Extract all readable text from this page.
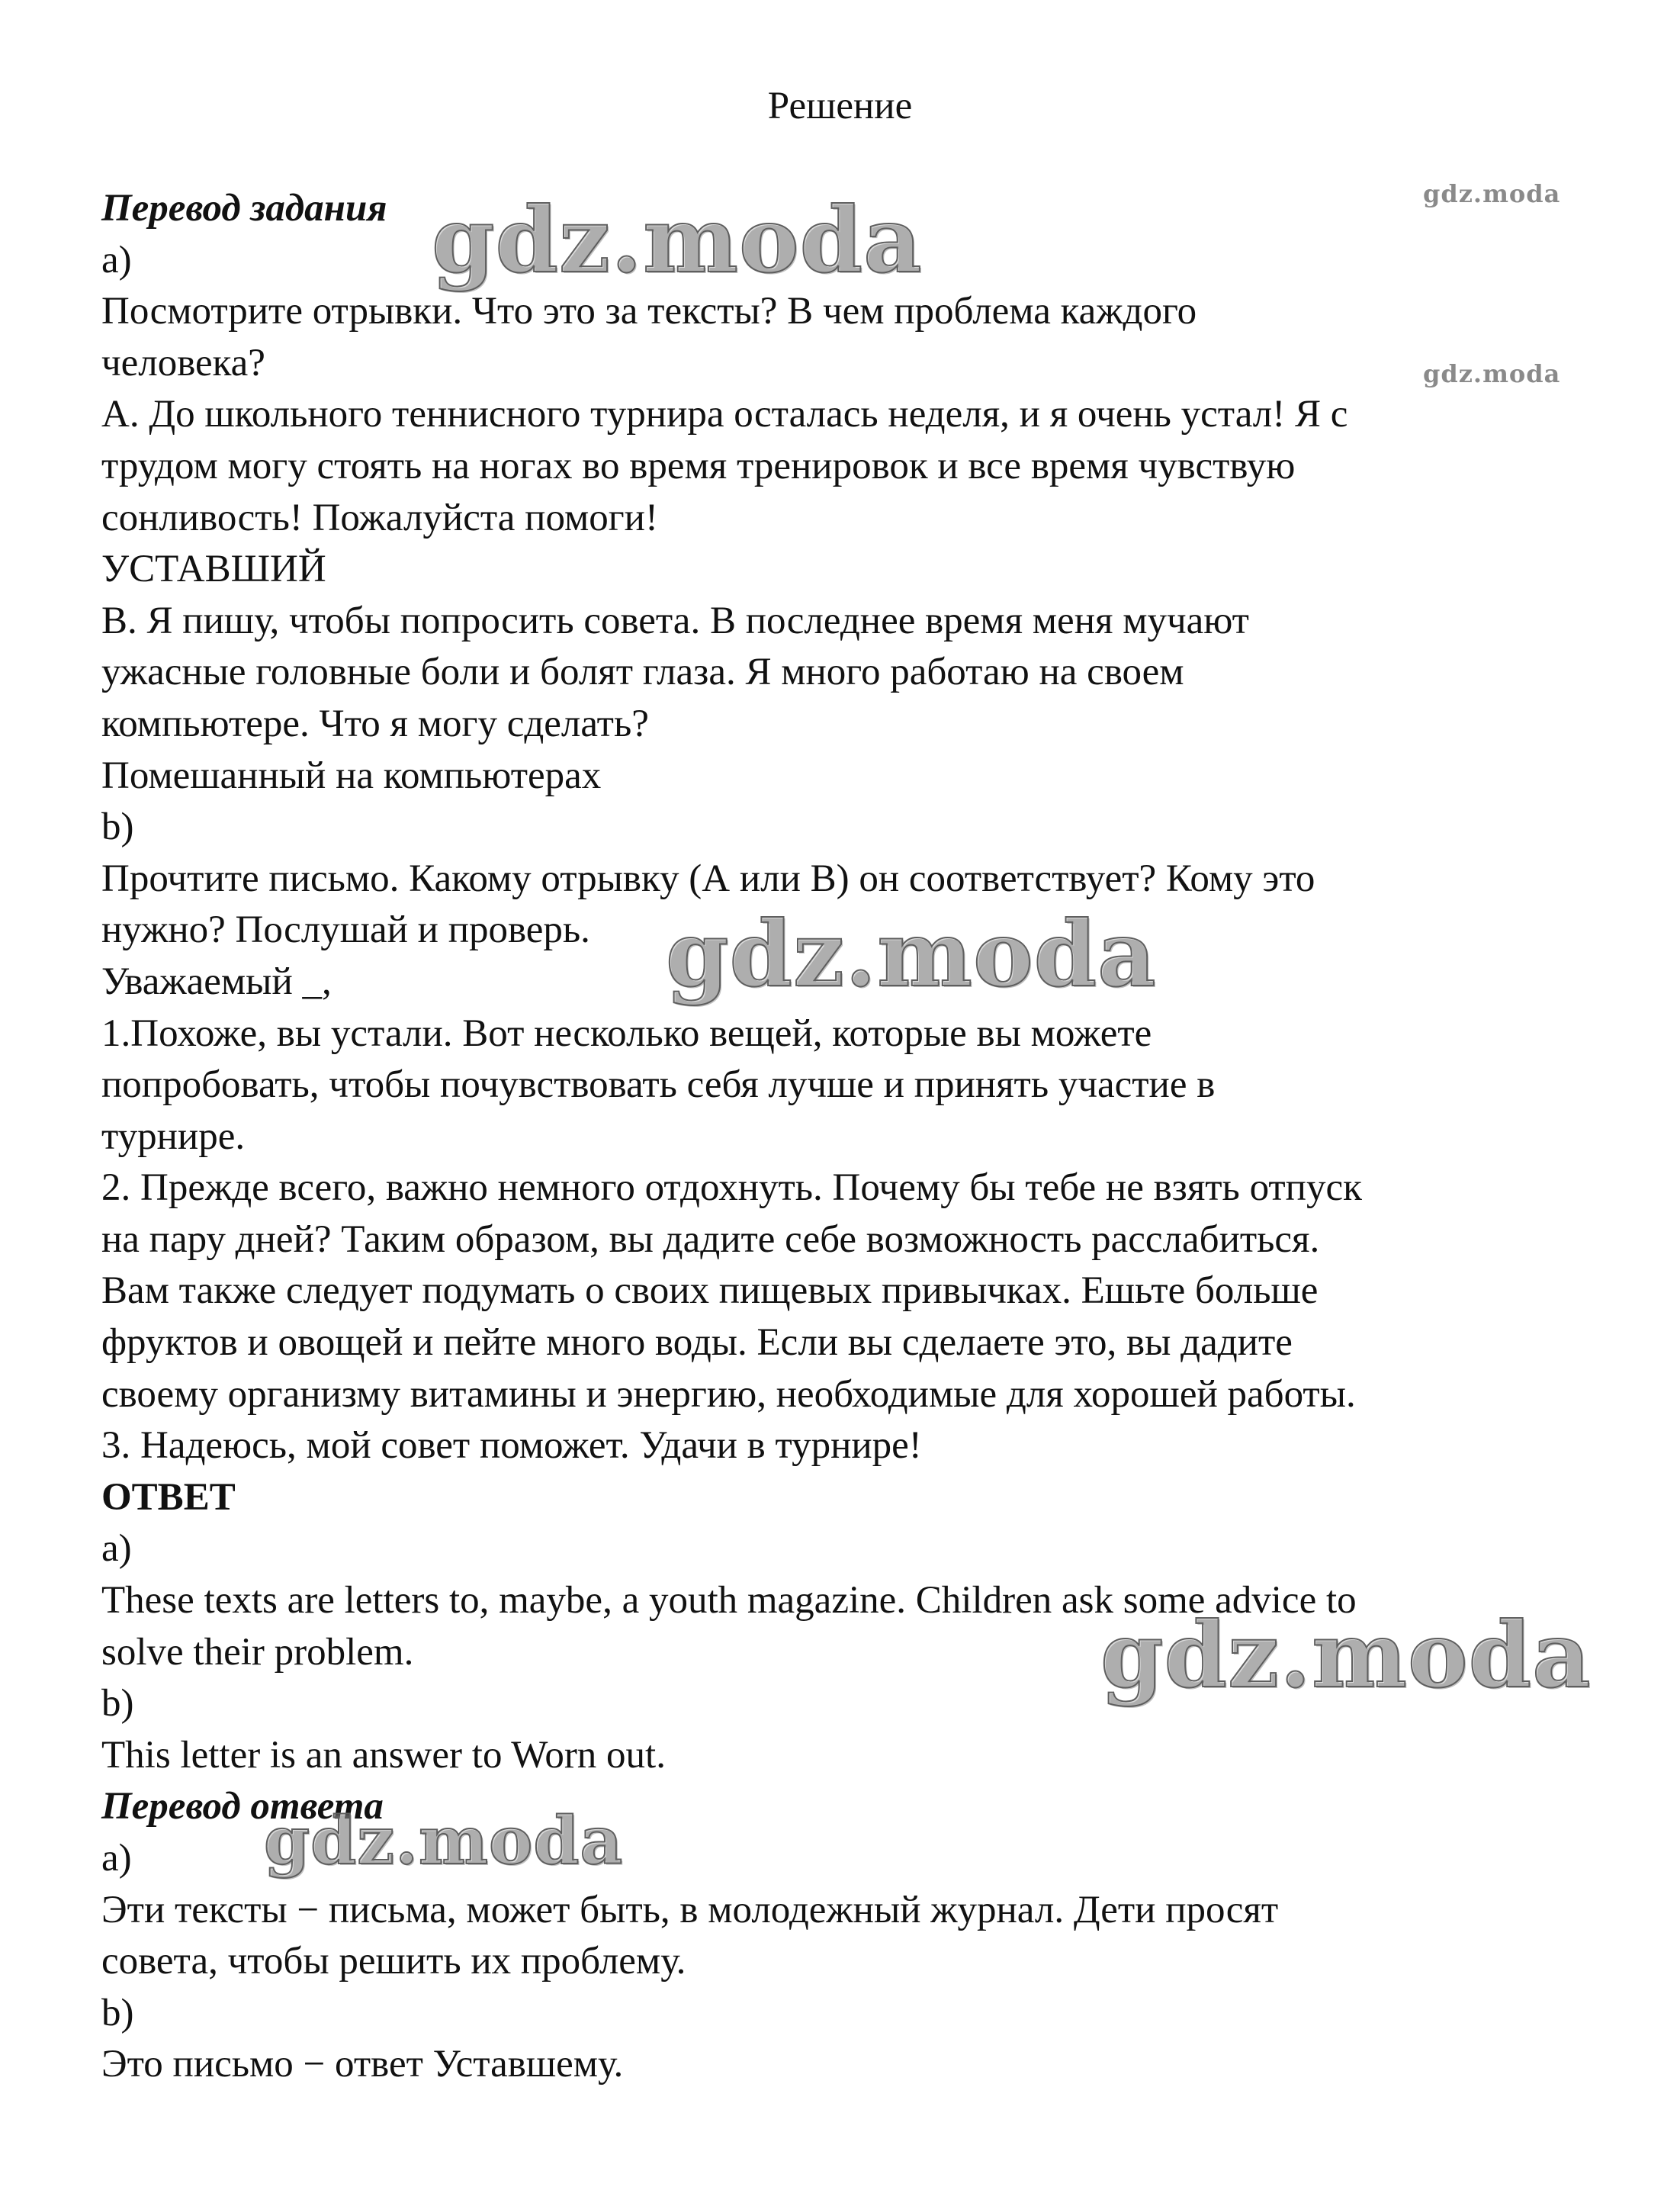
Решение
Перевод задания
a)
Посмотрите отрывки. Что это за тексты? В чем проблема каждого
человека?
A. До школьного теннисного турнира осталась неделя, и я очень устал! Я с
трудом могу стоять на ногах во время тренировок и все время чувствую
сонливость! Пожалуйста помоги!
УСТАВШИЙ
B. Я пишу, чтобы попросить совета. В последнее время меня мучают
ужасные головные боли и болят глаза. Я много работаю на своем
компьютере. Что я могу сделать?
Помешанный на компьютерах
b)
Прочтите письмо. Какому отрывку (А или В) он соответствует? Кому это
нужно? Послушай и проверь.
Уважаемый _,
1.Похоже, вы устали. Вот несколько вещей, которые вы можете
попробовать, чтобы почувствовать себя лучше и принять участие в
турнире.
2. Прежде всего, важно немного отдохнуть. Почему бы тебе не взять отпуск
на пару дней? Таким образом, вы дадите себе возможность расслабиться.
Вам также следует подумать о своих пищевых привычках. Ешьте больше
фруктов и овощей и пейте много воды. Если вы сделаете это, вы дадите
своему организму витамины и энергию, необходимые для хорошей работы.
3. Надеюсь, мой совет поможет. Удачи в турнире!
ОТВЕТ
a)
These texts are letters to, maybe, a youth magazine. Children ask some advice to
solve their problem.
b)
This letter is an answer to Worn out.
Перевод ответа
a)
Эти тексты − письма, может быть, в молодежный журнал. Дети просят
совета, чтобы решить их проблему.
b)
Это письмо − ответ Уставшему.
gdz.moda	gdz.moda
gdz.moda
gdz.moda
gdz.moda
gdz.moda
